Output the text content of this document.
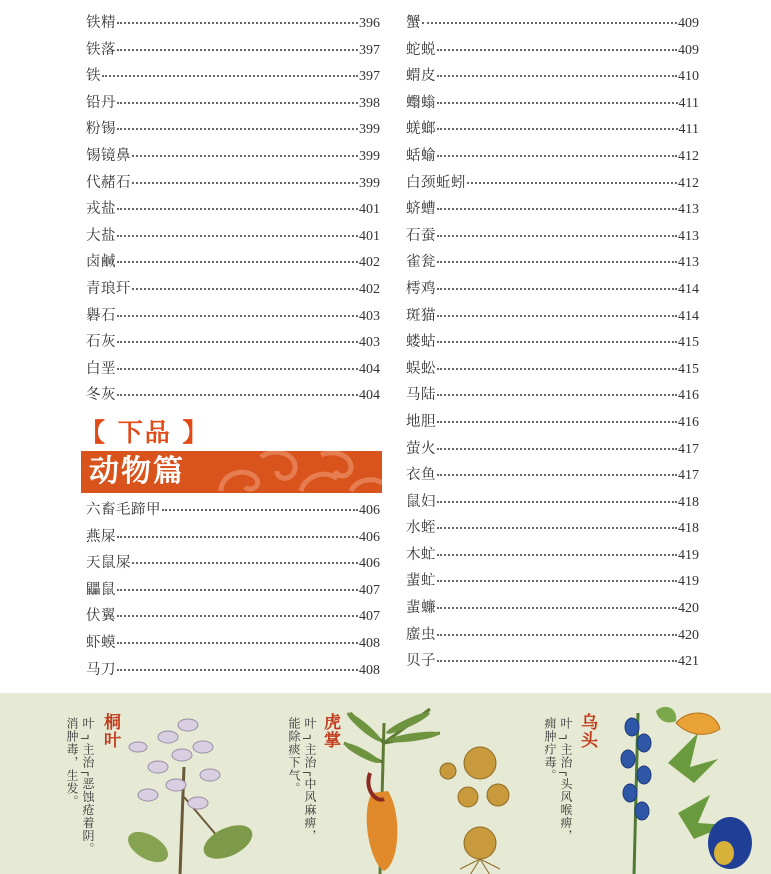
铁精	396
铁落	397
铁	397
铅丹	398
粉锡	399
锡镜鼻	399
代赭石	399
戎盐	401
大盐	401
卤鹹	402
青琅玕	402
礜石	403
石灰	403
白垩	404
冬灰	404
【 下品 】
动物篇
六畜毛蹄甲	406
燕屎	406
天鼠屎	406
鼺鼠	407
伏翼	407
虾蟆	408
马刀	408
蟹	409
蛇蜕	409
蝟皮	410
蠮螉	411
蜣螂	411
蛞蝓	412
白颈蚯蚓	412
蛴螬	413
石蚕	413
雀瓮	413
樗鸡	414
斑猫	414
蝼蛄	415
蜈蚣	415
马陆	416
地胆	416
萤火	417
衣鱼	417
鼠妇	418
水蛭	418
木虻	419
蜚虻	419
蜚蠊	420
䗪虫	420
贝子	421
桐叶
叶 ┐主治┌恶蚀疮着阴。
消肿毒，生发。	虎掌
叶 ┐主治┌中风麻痹，
能除痰下气。	乌头
叶 ┐主治┌头风喉痹，
痈肿疔毒。
